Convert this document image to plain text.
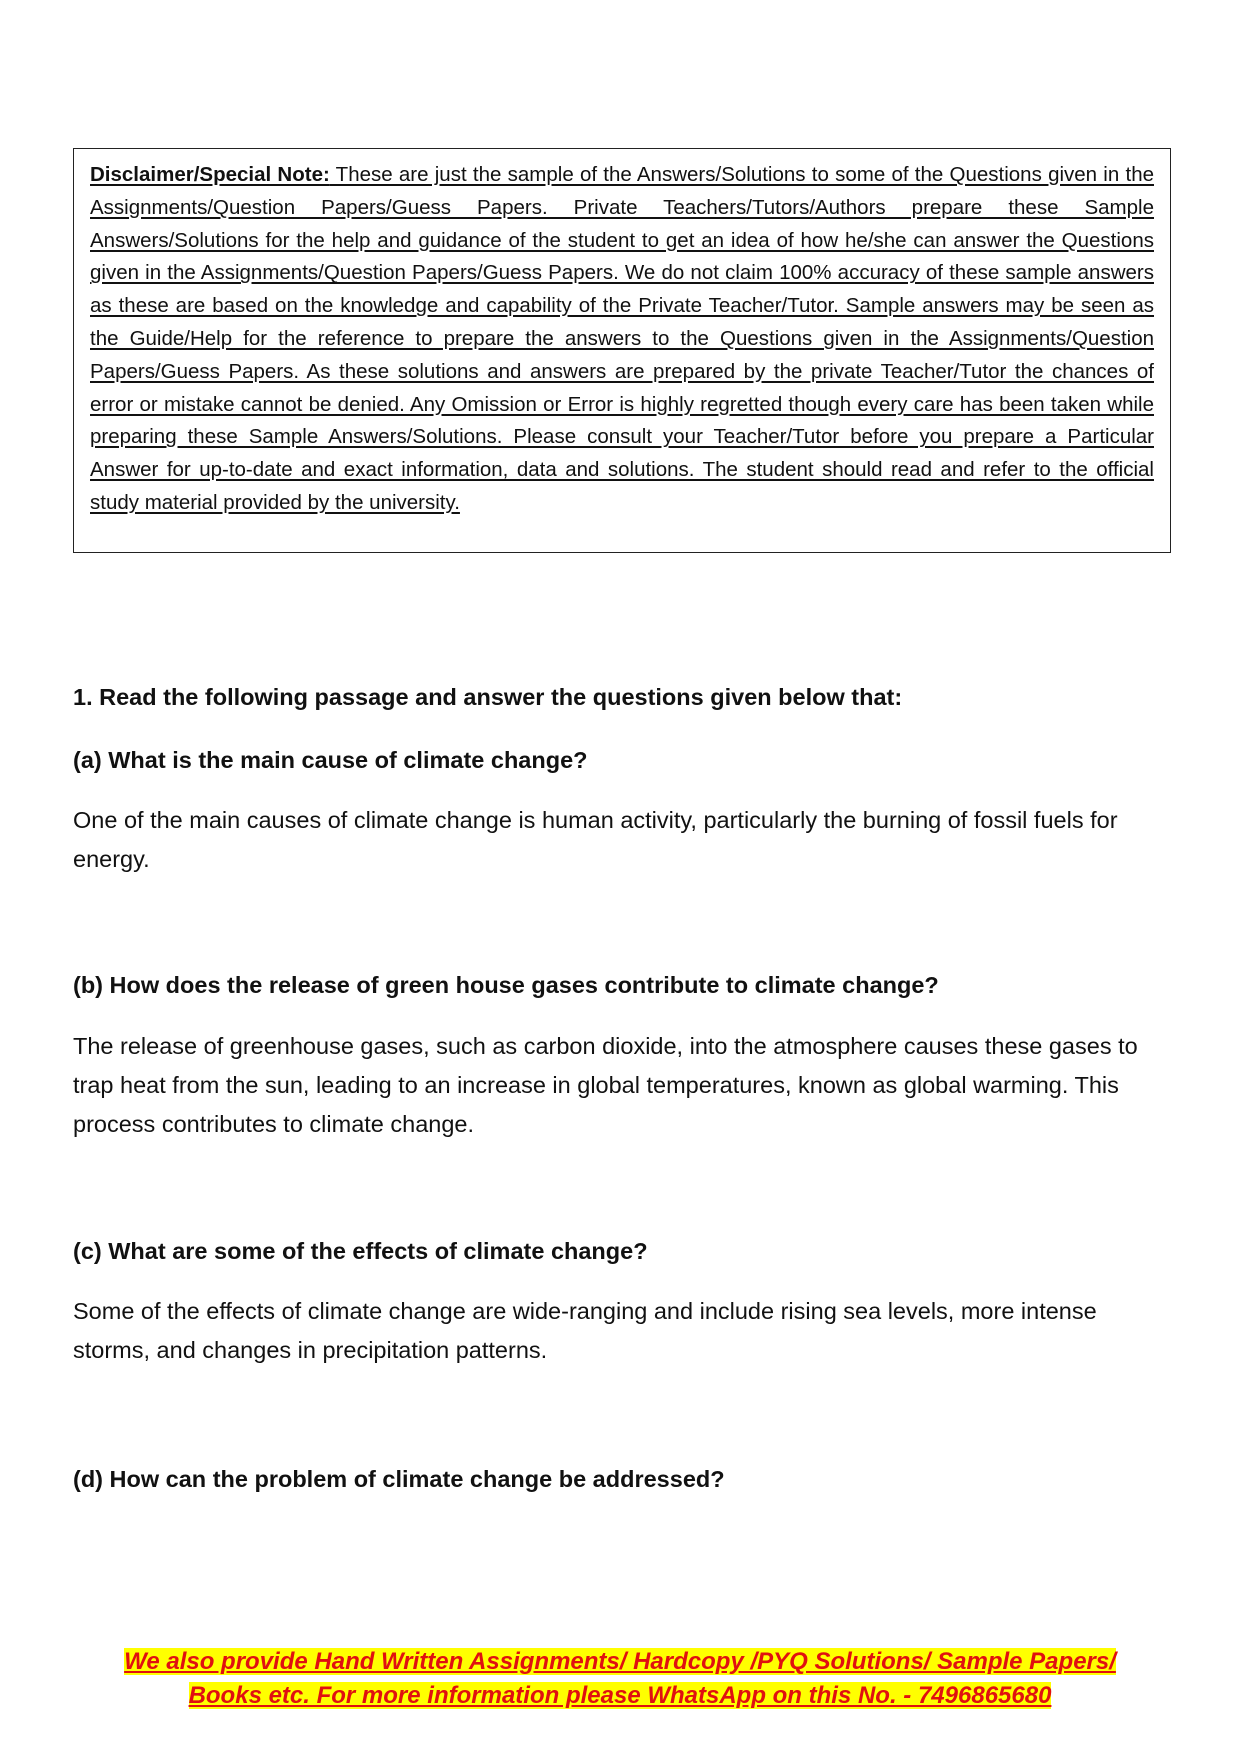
Disclaimer/Special Note: These are just the sample of the Answers/Solutions to some of the Questions given in the Assignments/Question Papers/Guess Papers. Private Teachers/Tutors/Authors prepare these Sample Answers/Solutions for the help and guidance of the student to get an idea of how he/she can answer the Questions given in the Assignments/Question Papers/Guess Papers. We do not claim 100% accuracy of these sample answers as these are based on the knowledge and capability of the Private Teacher/Tutor. Sample answers may be seen as the Guide/Help for the reference to prepare the answers to the Questions given in the Assignments/Question Papers/Guess Papers. As these solutions and answers are prepared by the private Teacher/Tutor the chances of error or mistake cannot be denied. Any Omission or Error is highly regretted though every care has been taken while preparing these Sample Answers/Solutions. Please consult your Teacher/Tutor before you prepare a Particular Answer for up-to-date and exact information, data and solutions. The student should read and refer to the official study material provided by the university.

1. Read the following passage and answer the questions given below that:

(a) What is the main cause of climate change?

One of the main causes of climate change is human activity, particularly the burning of fossil fuels for energy.

(b) How does the release of green house gases contribute to climate change?

The release of greenhouse gases, such as carbon dioxide, into the atmosphere causes these gases to trap heat from the sun, leading to an increase in global temperatures, known as global warming. This process contributes to climate change.

(c) What are some of the effects of climate change?

Some of the effects of climate change are wide-ranging and include rising sea levels, more intense storms, and changes in precipitation patterns.

(d) How can the problem of climate change be addressed?

We also provide Hand Written Assignments/ Hardcopy /PYQ Solutions/ Sample Papers/
Books etc. For more information please WhatsApp on this No. - 7496865680
